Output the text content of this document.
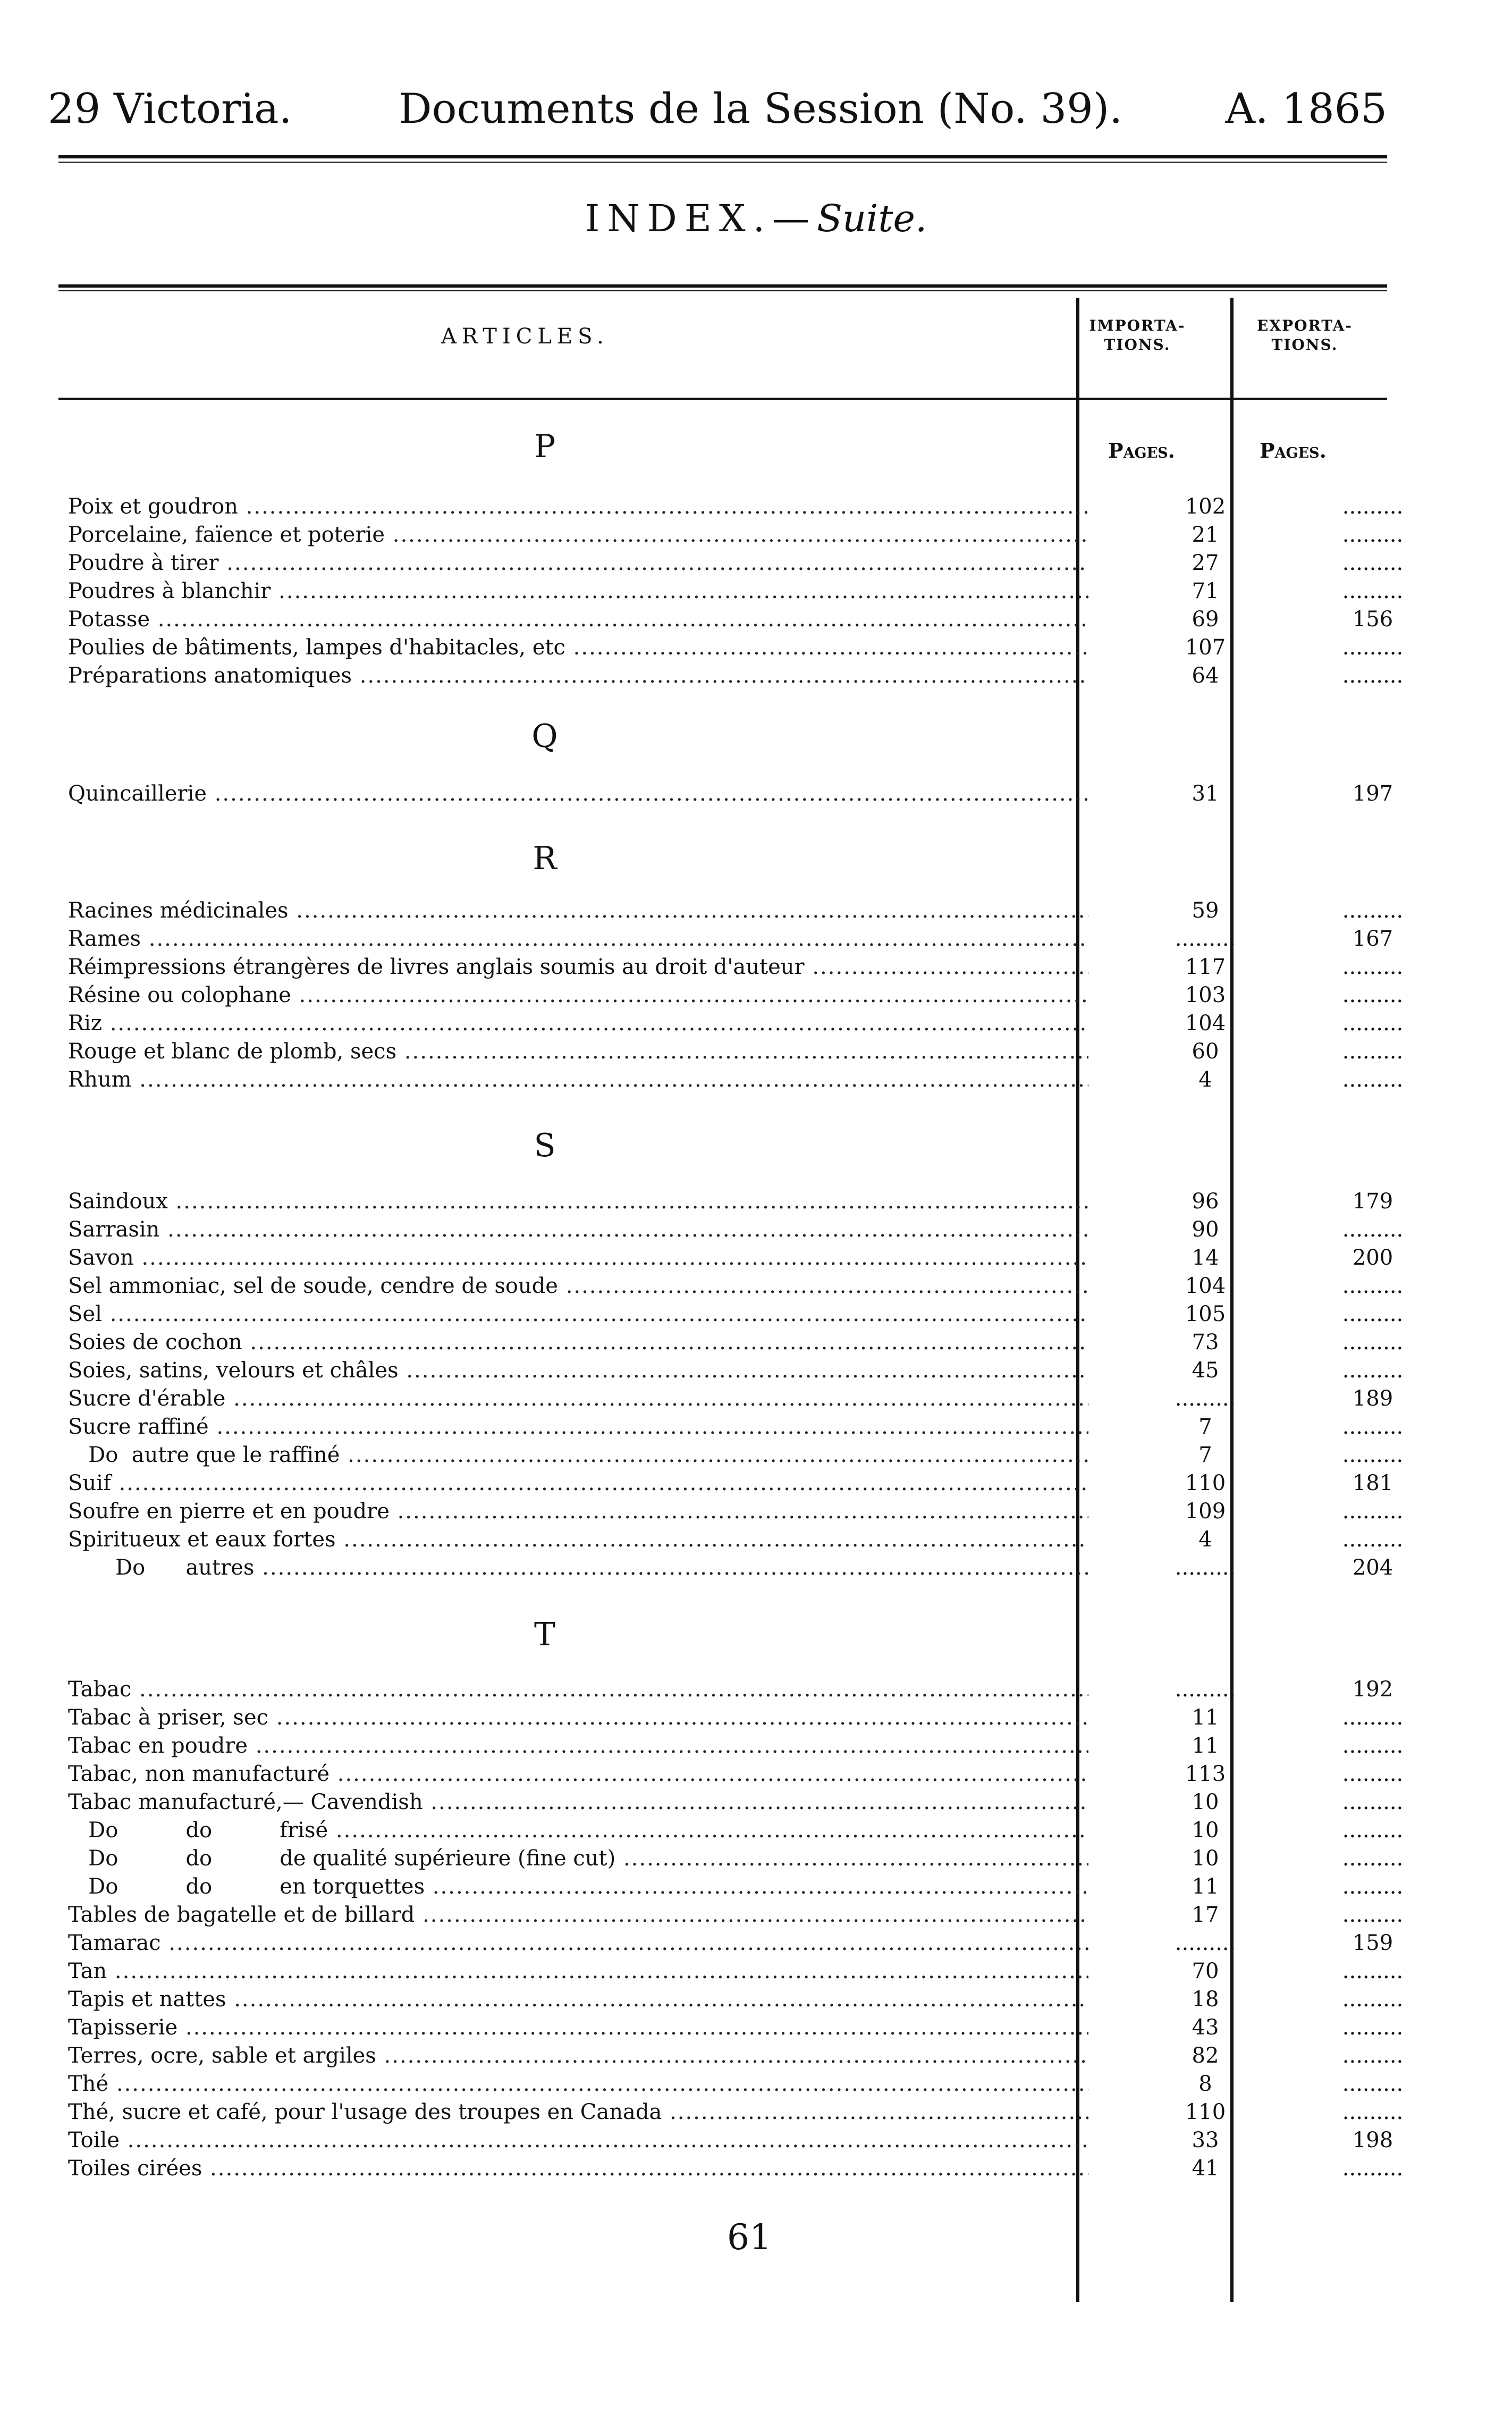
29 Victoria.	Documents de la Session (No. 39). A. 1865
INDEX.—Suite.
ARTICLES.	IMPORTA-
TIONS.
EXPORTA-
TIONS.
P	Pages.	Pages.
Poix et goudron .....	102	.........
Porcelaine, faïence et poterie .....	21	.........
Poudre à tirer .....	27	.........
Poudres à blanchir .....	71	.........
Potasse .....	69	156
Poulies de bâtiments, lampes d'habitacles, etc .....	107	.........
Préparations anatomiques .....	64	.........
Q
Quincaillerie .....	31	197
R
Racines médicinales .....	59	.........
Rames .....	.........	167
Réimpressions étrangères de livres anglais soumis au droit d'auteur .....	117	.........
Résine ou colophane .....	103	.........
Riz .....	104	.........
Rouge et blanc de plomb, secs .....	60	.........
Rhum .....	4	.........
S
Saindoux .....	96	179
Sarrasin .....	90	.........
Savon .....	14	200
Sel ammoniac, sel de soude, cendre de soude .....	104	.........
Sel .....	105	.........
Soies de cochon .....	73	.........
Soies, satins, velours et châles .....	45	.........
Sucre d'érable .....	.........	189
Sucre raffiné .....	7	.........
Do  autre que le raffiné .....	7	.........
Suif .....	110	181
Soufre en pierre et en poudre .....	109	.........
Spiritueux et eaux fortes .....	4	.........
Do      autres .....	.........	204
T
Tabac .....	.........	192
Tabac à priser, sec .....	11	.........
Tabac en poudre .....	11	.........
Tabac, non manufacturé .....	113	.........
Tabac manufacturé,— Cavendish .....	10	.........
Do          do          frisé .....	10	.........
Do          do          de qualité supérieure (fine cut) .....	10	.........
Do          do          en torquettes .....	11	.........
Tables de bagatelle et de billard .....	17	.........
Tamarac .....	.........	159
Tan .....	70	.........
Tapis et nattes .....	18	.........
Tapisserie .....	43	.........
Terres, ocre, sable et argiles .....	82	.........
Thé .....	8	.........
Thé, sucre et café, pour l'usage des troupes en Canada .....	110	.........
Toile .....	33	198
Toiles cirées .....	41	.........
61
